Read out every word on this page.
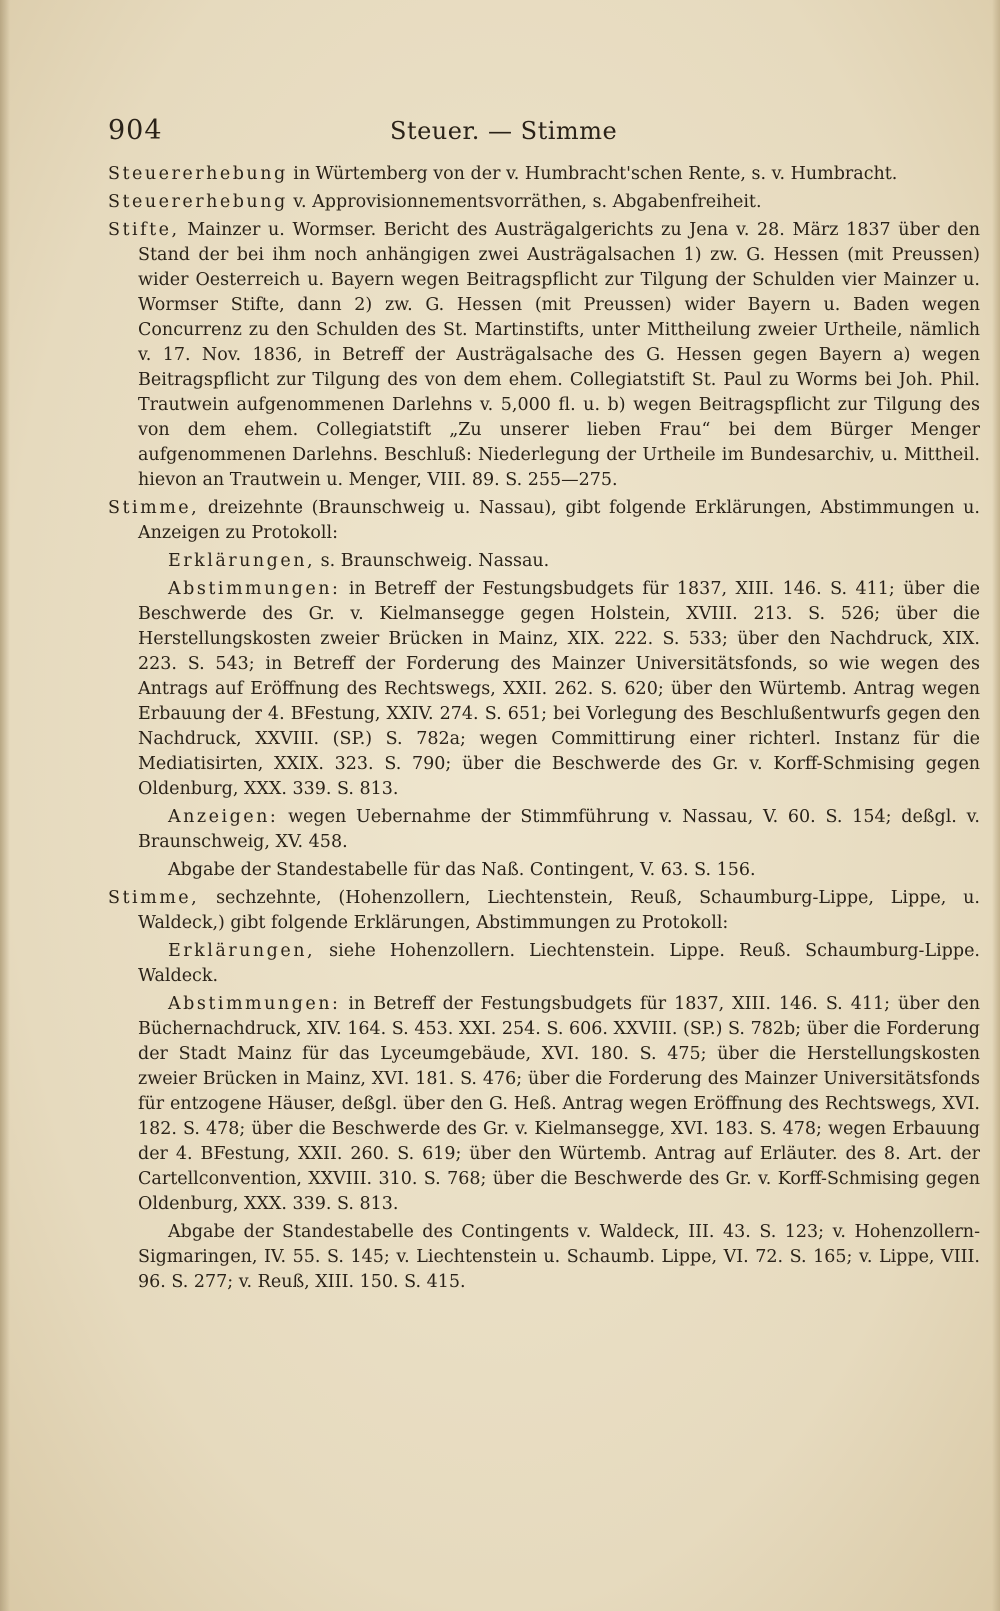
904	Steuer. — Stimme

Steuererhebung in Würtemberg von der v. Humbracht'schen Rente, s. v. Humbracht.

Steuererhebung v. Approvisionnementsvorräthen, s. Abgabenfreiheit.

Stifte, Mainzer u. Wormser. Bericht des Austrägalgerichts zu Jena v. 28. März 1837 über den Stand der bei ihm noch anhängigen zwei Austrägalsachen 1) zw. G. Hessen (mit Preussen) wider Oesterreich u. Bayern wegen Beitragspflicht zur Tilgung der Schulden vier Mainzer u. Wormser Stifte, dann 2) zw. G. Hessen (mit Preussen) wider Bayern u. Baden wegen Concurrenz zu den Schulden des St. Martinstifts, unter Mittheilung zweier Urtheile, nämlich v. 17. Nov. 1836, in Betreff der Austrägalsache des G. Hessen gegen Bayern a) wegen Beitragspflicht zur Tilgung des von dem ehem. Collegiatstift St. Paul zu Worms bei Joh. Phil. Trautwein aufgenommenen Darlehns v. 5,000 fl. u. b) wegen Beitragspflicht zur Tilgung des von dem ehem. Collegiatstift „Zu unserer lieben Frau“ bei dem Bürger Menger aufgenommenen Darlehns. Beschluß: Niederlegung der Urtheile im Bundesarchiv, u. Mittheil. hievon an Trautwein u. Menger, VIII. 89. S. 255—275.

Stimme, dreizehnte (Braunschweig u. Nassau), gibt folgende Erklärungen, Abstimmungen u. Anzeigen zu Protokoll:

Erklärungen, s. Braunschweig. Nassau.

Abstimmungen: in Betreff der Festungsbudgets für 1837, XIII. 146. S. 411; über die Beschwerde des Gr. v. Kielmansegge gegen Holstein, XVIII. 213. S. 526; über die Herstellungskosten zweier Brücken in Mainz, XIX. 222. S. 533; über den Nachdruck, XIX. 223. S. 543; in Betreff der Forderung des Mainzer Universitätsfonds, so wie wegen des Antrags auf Eröffnung des Rechtswegs, XXII. 262. S. 620; über den Würtemb. Antrag wegen Erbauung der 4. BFestung, XXIV. 274. S. 651; bei Vorlegung des Beschlußentwurfs gegen den Nachdruck, XXVIII. (SP.) S. 782a; wegen Committirung einer richterl. Instanz für die Mediatisirten, XXIX. 323. S. 790; über die Beschwerde des Gr. v. Korff-Schmising gegen Oldenburg, XXX. 339. S. 813.

Anzeigen: wegen Uebernahme der Stimmführung v. Nassau, V. 60. S. 154; deßgl. v. Braunschweig, XV. 458.

Abgabe der Standestabelle für das Naß. Contingent, V. 63. S. 156.

Stimme, sechzehnte, (Hohenzollern, Liechtenstein, Reuß, Schaumburg-Lippe, Lippe, u. Waldeck,) gibt folgende Erklärungen, Abstimmungen zu Protokoll:

Erklärungen, siehe Hohenzollern. Liechtenstein. Lippe. Reuß. Schaumburg-Lippe. Waldeck.

Abstimmungen: in Betreff der Festungsbudgets für 1837, XIII. 146. S. 411; über den Büchernachdruck, XIV. 164. S. 453. XXI. 254. S. 606. XXVIII. (SP.) S. 782b; über die Forderung der Stadt Mainz für das Lyceumgebäude, XVI. 180. S. 475; über die Herstellungskosten zweier Brücken in Mainz, XVI. 181. S. 476; über die Forderung des Mainzer Universitätsfonds für entzogene Häuser, deßgl. über den G. Heß. Antrag wegen Eröffnung des Rechtswegs, XVI. 182. S. 478; über die Beschwerde des Gr. v. Kielmansegge, XVI. 183. S. 478; wegen Erbauung der 4. BFestung, XXII. 260. S. 619; über den Würtemb. Antrag auf Erläuter. des 8. Art. der Cartellconvention, XXVIII. 310. S. 768; über die Beschwerde des Gr. v. Korff-Schmising gegen Oldenburg, XXX. 339. S. 813.

Abgabe der Standestabelle des Contingents v. Waldeck, III. 43. S. 123; v. Hohenzollern-Sigmaringen, IV. 55. S. 145; v. Liechtenstein u. Schaumb. Lippe, VI. 72. S. 165; v. Lippe, VIII. 96. S. 277; v. Reuß, XIII. 150. S. 415.
